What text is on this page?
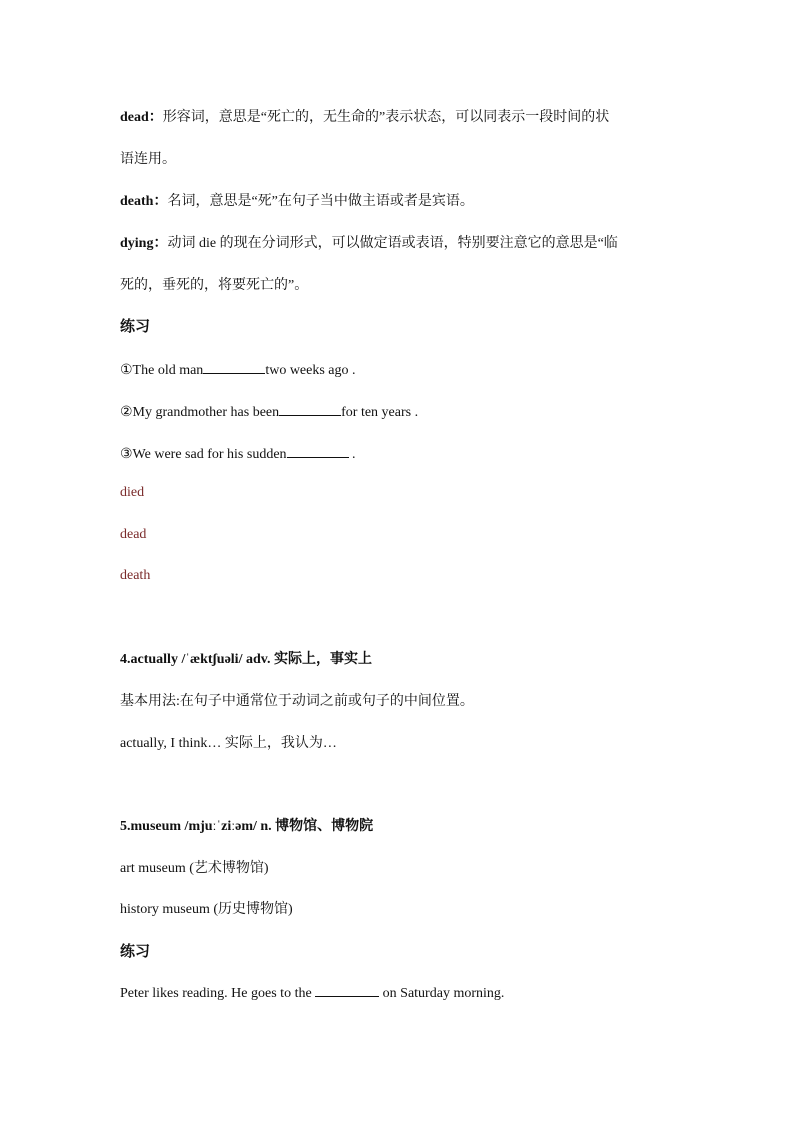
dead：形容词，意思是“死亡的，无生命的”表示状态，可以同表示一段时间的状
语连用。
death：名词，意思是“死”在句子当中做主语或者是宾语。
dying：动词 die 的现在分词形式，可以做定语或表语，特别要注意它的意思是“临
死的，垂死的，将要死亡的”。
练习
①The old man	two weeks ago .
②My grandmother has been	for ten years .
③We were sad for his sudden	.
died
dead
death
4.actually /ˈæktʃuəli/ adv. 实际上，事实上
基本用法:在句子中通常位于动词之前或句子的中间位置。
actually, I think… 实际上，我认为…
5.museum /mjuːˈziːəm/ n. 博物馆、博物院
art museum (艺术博物馆)
history museum (历史博物馆)
练习
Peter likes reading. He goes to the	on Saturday morning.
